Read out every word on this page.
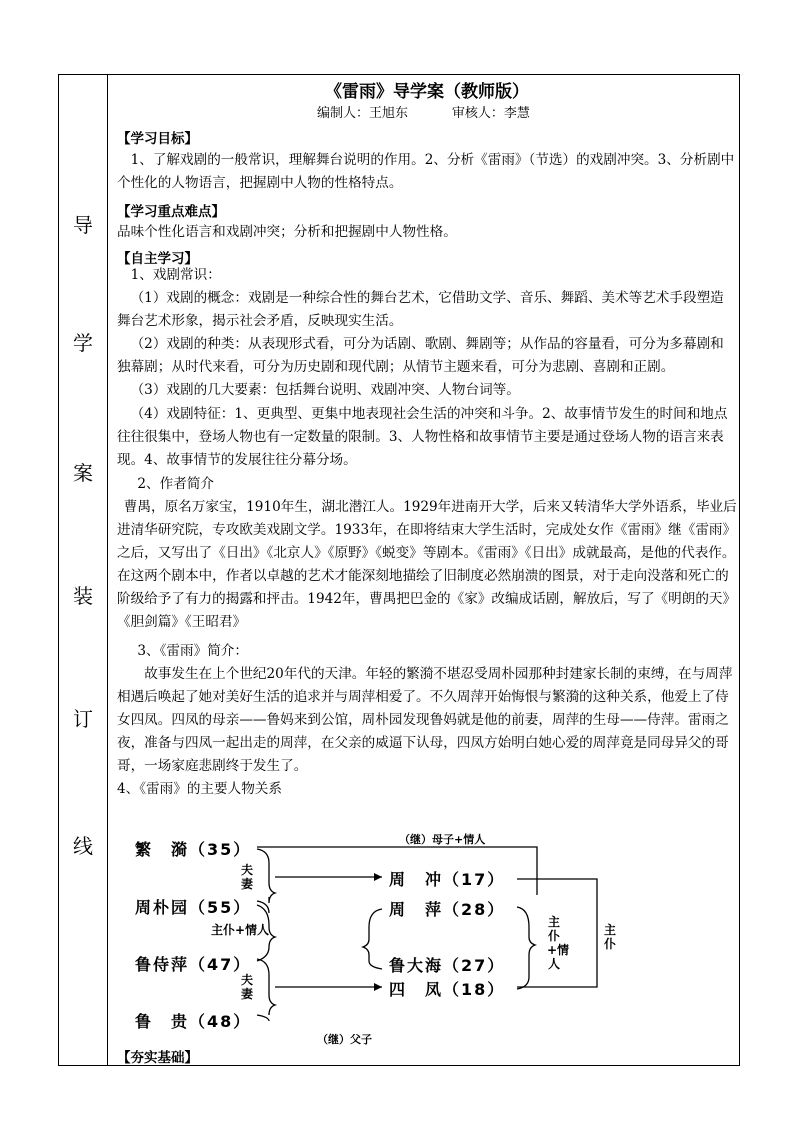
导
学
案
装
订
线
《雷雨》导学案（教师版）
编制人：王旭东	审核人：李慧
【学习目标】

1、了解戏剧的一般常识，理解舞台说明的作用。2、分析《雷雨》（节选）的戏剧冲突。3、分析剧中个性化的人物语言，把握剧中人物的性格特点。

【学习重点难点】

品味个性化语言和戏剧冲突；分析和把握剧中人物性格。

【自主学习】

1、戏剧常识：

（1）戏剧的概念：戏剧是一种综合性的舞台艺术，它借助文学、音乐、舞蹈、美术等艺术手段塑造舞台艺术形象，揭示社会矛盾，反映现实生活。

（2）戏剧的种类：从表现形式看，可分为话剧、歌剧、舞剧等；从作品的容量看，可分为多幕剧和独幕剧；从时代来看，可分为历史剧和现代剧；从情节主题来看，可分为悲剧、喜剧和正剧。

（3）戏剧的几大要素：包括舞台说明、戏剧冲突、人物台词等。

（4）戏剧特征：1、更典型、更集中地表现社会生活的冲突和斗争。2、故事情节发生的时间和地点往往很集中，登场人物也有一定数量的限制。3、人物性格和故事情节主要是通过登场人物的语言来表现。4、故事情节的发展往往分幕分场。

2、作者简介

曹禺，原名万家宝，1910年生，湖北潜江人。1929年进南开大学，后来又转清华大学外语系，毕业后进清华研究院，专攻欧美戏剧文学。1933年，在即将结束大学生活时，完成处女作《雷雨》继《雷雨》之后，又写出了《日出》《北京人》《原野》《蜕变》等剧本。《雷雨》《日出》成就最高，是他的代表作。在这两个剧本中，作者以卓越的艺术才能深刻地描绘了旧制度必然崩溃的图景，对于走向没落和死亡的阶级给予了有力的揭露和抨击。1942年，曹禺把巴金的《家》改编成话剧，解放后，写了《明朗的天》《胆剑篇》《王昭君》

3、《雷雨》简介：

故事发生在上个世纪20年代的天津。年轻的繁漪不堪忍受周朴园那种封建家长制的束缚，在与周萍相遇后唤起了她对美好生活的追求并与周萍相爱了。不久周萍开始悔恨与繁漪的这种关系，他爱上了侍女四凤。四凤的母亲——鲁妈来到公馆，周朴园发现鲁妈就是他的前妻，周萍的生母——侍萍。雷雨之夜，准备与四凤一起出走的周萍，在父亲的威逼下认母，四凤方始明白她心爱的周萍竟是同母异父的哥哥，一场家庭悲剧终于发生了。

4、《雷雨》的主要人物关系

繁　漪（35）
周朴园（55）
鲁侍萍（47）
鲁　贵（48）
周　冲（17）
周　萍（28）
鲁大海（27）
四　凤（18）
（继）母子+情人
（继）父子
夫妻
夫妻
主仆+情人
主仆+情人
主仆
【夯实基础】
